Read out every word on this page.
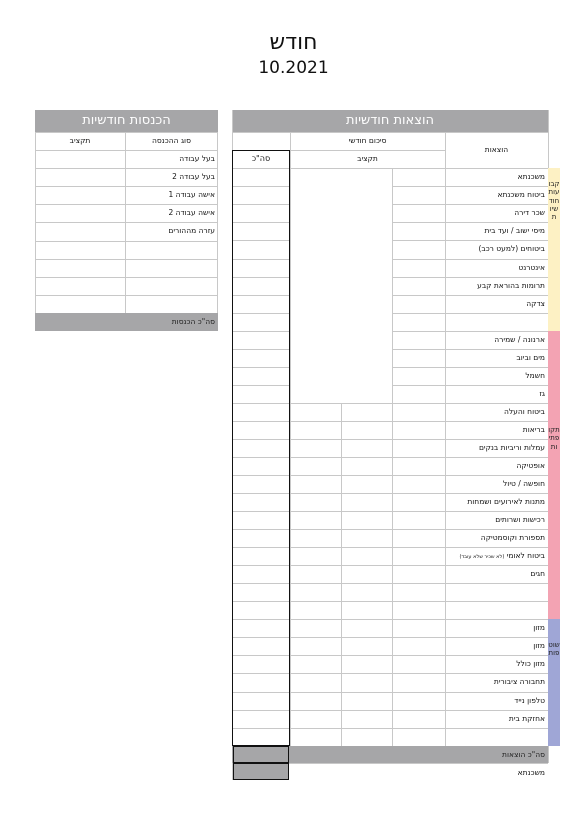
חודש
10.2021
הכנסות חודשיות
סוג ההכנסה
תקציב
בעל עבודה
בעל עבודה 2
אישה עבודה 1
אישה עבודה 2
עזרה מההורים
סה"כ הכנסות
הוצאות חודשיות
סיכום חודשי
תקציב
סה"כ
הוצאות
משכנתא
ביטוח משכנתא
שכר דירה
מיסי ישוב / ועד בית
ביטוחים (למעט רכב)
אינטרנט
תרומות בהוראת קבע
צדקה
ארנונה / שמירה
מים וביוב
חשמל
גז
ביטוח והעלה
בריאות
עמלות וריביות בנקים
אופטיקה
חופשה / טיול
מתנות לאירועים ושמחות
רכישות ושרותים
תספורת וקוסמטיקה
ביטוח לאומי (לא שכיר שלא עובד)
חגים
מזון
מזון
מזון כולל
תחבורה ציבורית
טלפון נייד
אחזקת בית
קבועות חודשיות
תקופתיות
שוטפות
סה"כ הוצאות
משכנתא
